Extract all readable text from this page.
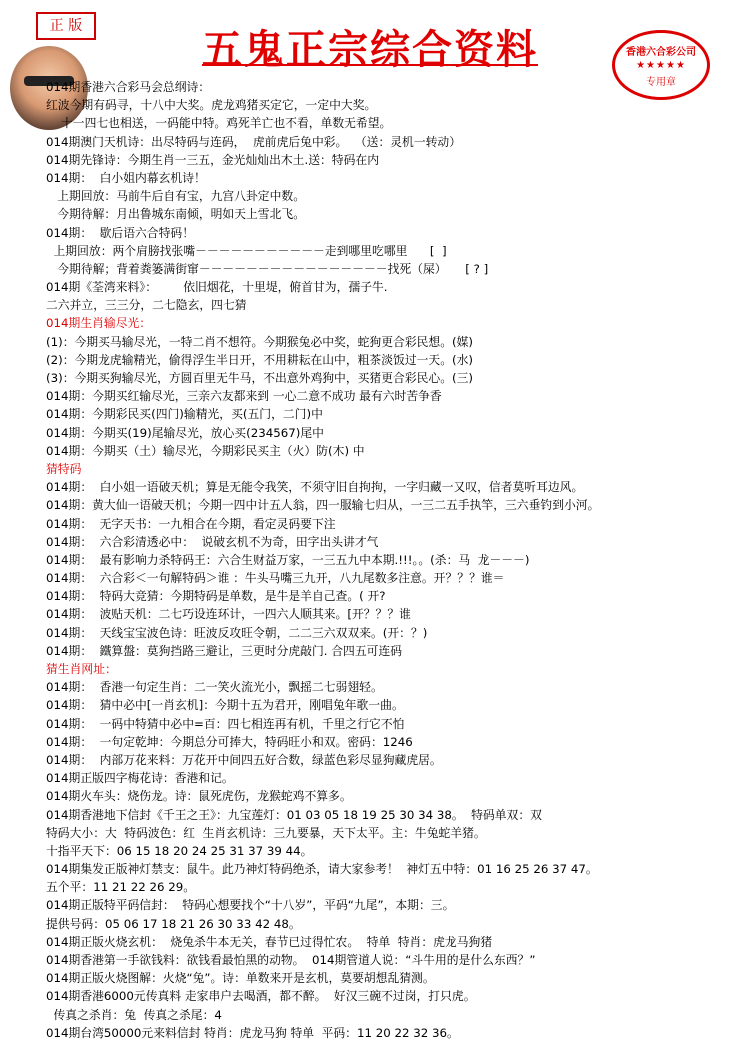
正 版	五鬼正宗综合资料	香港六合彩公司
★★★★★
专用章
014期香港六合彩马会总纲诗：
红波今期有码寻，十八中大奖。虎龙鸡猪买定它，一定中大奖。
十一四七也相送，一码能中特。鸡死羊亡也不看，单数无希望。
014期澳门天机诗：出尽特码与连码，  虎前虎后兔中彩。  （送：灵机一转动）
014期先锋诗：今期生肖一三五，金光灿灿出木土.送：特码在内
014期：  白小姐内幕玄机诗！
上期回放：马前牛后自有宝，九宫八卦定中数。
今期待解：月出鲁城东南倾，明如天上雪北飞。
014期：  歇后语六合特码！
上期回放：两个肩膀找张嘴－－－－－－－－－－－走到哪里吃哪里      [  ]
今期待解；背着粪篓满街窜－－－－－－－－－－－－－－－－找死（屎）     [ ? ]
014期《荃湾来料》：       依旧烟花，十里堤，俯首甘为，孺子牛.
二六并立，三三分，二七隐玄，四七猜
014期生肖输尽光：
(1)：今期买马输尽光，一特二肖不想符。今期猴兔必中奖，蛇狗更合彩民想。(媒)
(2)：今期龙虎输精光，偷得浮生半日开，不用耕耘在山中，粗茶淡饭过一天。(水)
(3)：今期买狗输尽光，方圆百里无牛马，不出意外鸡狗中，买猪更合彩民心。(三)
014期：今期买红输尽光，三亲六友都来到 一心二意不成功 最有六时苦争香
014期：今期彩民买(四门)输精光，买(五门，二门)中
014期：今期买(19)尾输尽光，放心买(234567)尾中
014期：今期买（土）输尽光，今期彩民买主（火）防(木) 中
猜特码
014期：  白小姐一语破天机；算是无能令我笑，不须守旧自拘拘，一字归藏一又叹，信者莫听耳边风。
014期：黄大仙一语破天机；今期一四中计五人翁，四一服输七归从，一三二五手执竿，三六垂钓到小河。
014期：  无字天书：一九相合在今期，看定灵码要下注
014期：  六合彩清透必中：  说破玄机不为奇，田字出头讲才气
014期：  最有影响力杀特码王：六合生财益万家，一三五九中本期.!!!。。(杀：马  龙－－－)
014期：  六合彩＜一句解特码＞谁 ：牛头马嘴三九开，八九尾数多注意。开？？？谁＝
014期：  特码大竞猜：今期特码是单数，是牛是羊自己查。( 开?
014期：  波贴天机：二七巧设连环计，一四六人顺其来。[开？？？谁
014期：  天线宝宝波色诗：旺波反攻旺令朝，二二三六双双来。(开：？)
014期：  鐵算盤：莫狗挡路三避让，三更时分虎敲门. 合四五可连码
猜生肖网址：
014期：  香港一句定生肖：二一笑火流光小，飘摇二七弱翅轻。
014期：  猜中必中[一肖玄机]：今期十五为君开，刚唱兔年歌一曲。
014期：  一码中特猜中必中=百：四七相连再有机，千里之行它不怕
014期：  一句定乾坤：今期总分可捧大，特码旺小和双。密码：1246
014期：  内部万花来料：万花开中间四五好合数，绿蓝色彩尽显狗藏虎居。
014期正版四字梅花诗：香港和记。
014期火车头：烧伤龙。诗：鼠死虎伤，龙猴蛇鸡不算多。
014期香港地下信封《千王之王》：九宝莲灯：01 03 05 18 19 25 30 34 38。  特码单双：双
特码大小：大  特码波色：红  生肖玄机诗：三九要暴，天下太平。主：牛兔蛇羊猪。
十指平天下：06 15 18 20 24 25 31 37 39 44。
014期集发正版神灯禁支：鼠牛。此乃神灯特码绝杀，请大家参考！  神灯五中特：01 16 25 26 37 47。
五个平：11 21 22 26 29。
014期正版特平码信封：  特码心想要找个“十八岁”，平码“九尾”，本期：三。
提供号码：05 06 17 18 21 26 30 33 42 48。
014期正版火烧玄机：  烧兔杀牛本无关，春节已过得忙农。  特单  特肖：虎龙马狗猪
014期香港第一手欲钱料：欲钱看最怕黑的动物。  014期管道人说：“斗牛用的是什么东西？”
014期正版火烧图解：火烧“兔”。诗：单数来开是玄机，莫要胡想乱猜测。
014期香港6000元传真料 走家串户去喝酒，都不醉。  好汉三碗不过岗，打只虎。
传真之杀肖：兔  传真之杀尾：4
014期台湾50000元来料信封 特肖：虎龙马狗 特单  平码：11 20 22 32 36。
